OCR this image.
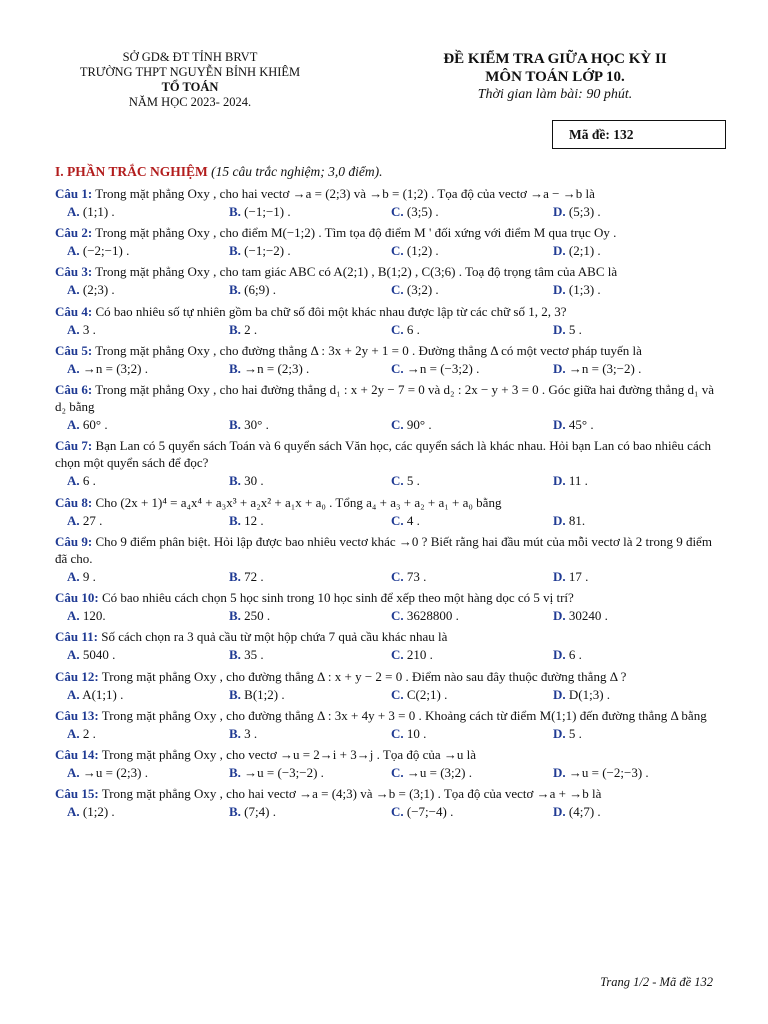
SỞ GD& ĐT TỈNH BRVT
TRƯỜNG THPT NGUYỄN BỈNH KHIÊM
TỔ TOÁN
NĂM HỌC 2023- 2024.
ĐỀ KIỂM TRA GIỮA HỌC KỲ II
MÔN TOÁN LỚP 10.
Thời gian làm bài: 90 phút.
Mã đề: 132
I. PHẦN TRẮC NGHIỆM (15 câu trắc nghiệm; 3,0 điểm).
Câu 1: Trong mặt phẳng Oxy , cho hai vectơ →a = (2;3) và →b = (1;2) . Tọa độ của vectơ →a − →b là
A. (1;1) .	B. (−1;−1) .	C. (3;5) .	D. (5;3) .
Câu 2: Trong mặt phẳng Oxy , cho điểm M(−1;2) . Tìm tọa độ điểm M ' đối xứng với điểm M qua trục Oy .
A. (−2;−1) .	B. (−1;−2) .	C. (1;2) .	D. (2;1) .
Câu 3: Trong mặt phẳng Oxy , cho tam giác ABC có A(2;1) , B(1;2) , C(3;6) . Toạ độ trọng tâm của ABC là
A. (2;3) .	B. (6;9) .	C. (3;2) .	D. (1;3) .
Câu 4: Có bao nhiêu số tự nhiên gồm ba chữ số đôi một khác nhau được lập từ các chữ số 1, 2, 3?
A. 3 .	B. 2 .	C. 6 .	D. 5 .
Câu 5: Trong mặt phẳng Oxy , cho đường thẳng Δ : 3x + 2y + 1 = 0 . Đường thẳng Δ có một vectơ pháp tuyến là
A. →n = (3;2) .	B. →n = (2;3) .	C. →n = (−3;2) .	D. →n = (3;−2) .
Câu 6: Trong mặt phẳng Oxy , cho hai đường thẳng d₁ : x + 2y − 7 = 0 và d₂ : 2x − y + 3 = 0 . Góc giữa hai đường thẳng d₁ và d₂ bằng
A. 60° .	B. 30° .	C. 90° .	D. 45° .
Câu 7: Bạn Lan có 5 quyển sách Toán và 6 quyển sách Văn học, các quyển sách là khác nhau. Hỏi bạn Lan có bao nhiêu cách chọn một quyển sách để đọc?
A. 6 .	B. 30 .	C. 5 .	D. 11 .
Câu 8: Cho (2x + 1)⁴ = a₄x⁴ + a₃x³ + a₂x² + a₁x + a₀ . Tổng a₄ + a₃ + a₂ + a₁ + a₀ bằng
A. 27 .	B. 12 .	C. 4 .	D. 81.
Câu 9: Cho 9 điểm phân biệt. Hỏi lập được bao nhiêu vectơ khác →0 ? Biết rằng hai đầu mút của mỗi vectơ là 2 trong 9 điểm đã cho.
A. 9 .	B. 72 .	C. 73 .	D. 17 .
Câu 10: Có bao nhiêu cách chọn 5 học sinh trong 10 học sinh để xếp theo một hàng dọc có 5 vị trí?
A. 120.	B. 250 .	C. 3628800 .	D. 30240 .
Câu 11: Số cách chọn ra 3 quả cầu từ một hộp chứa 7 quả cầu khác nhau là
A. 5040 .	B. 35 .	C. 210 .	D. 6 .
Câu 12: Trong mặt phẳng Oxy , cho đường thẳng Δ : x + y − 2 = 0 . Điểm nào sau đây thuộc đường thẳng Δ ?
A. A(1;1) .	B. B(1;2) .	C. C(2;1) .	D. D(1;3) .
Câu 13: Trong mặt phẳng Oxy , cho đường thẳng Δ : 3x + 4y + 3 = 0 . Khoảng cách từ điểm M(1;1) đến đường thẳng Δ bằng
A. 2 .	B. 3 .	C. 10 .	D. 5 .
Câu 14: Trong mặt phẳng Oxy , cho vectơ →u = 2→i + 3→j . Tọa độ của →u là
A. →u = (2;3) .	B. →u = (−3;−2) .	C. →u = (3;2) .	D. →u = (−2;−3) .
Câu 15: Trong mặt phẳng Oxy , cho hai vectơ →a = (4;3) và →b = (3;1) . Tọa độ của vectơ →a + →b là
A. (1;2) .	B. (7;4) .	C. (−7;−4) .	D. (4;7) .
Trang 1/2 - Mã đề 132
